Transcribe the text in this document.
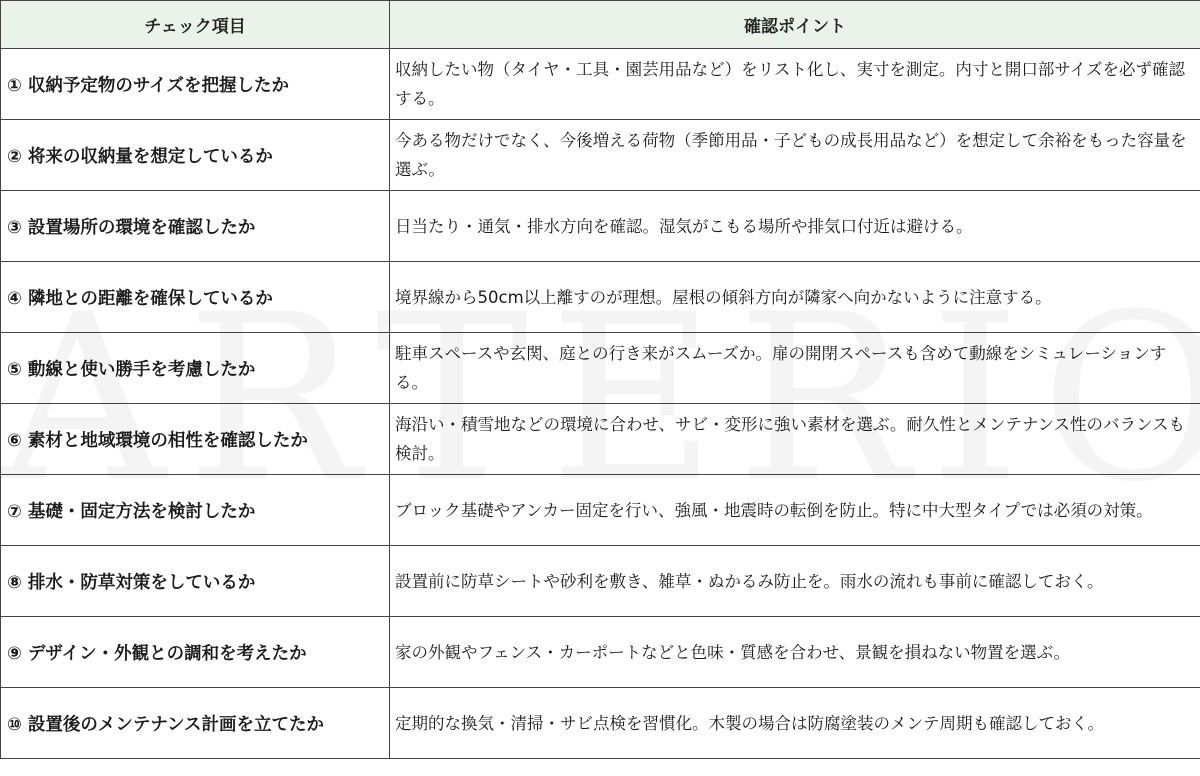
チェック項目	確認ポイント
① 収納予定物のサイズを把握したか	収納したい物（タイヤ・工具・園芸用品など）をリスト化し、実寸を測定。内寸と開口部サイズを必ず確認する。
② 将来の収納量を想定しているか	今ある物だけでなく、今後増える荷物（季節用品・子どもの成長用品など）を想定して余裕をもった容量を選ぶ。
③ 設置場所の環境を確認したか	日当たり・通気・排水方向を確認。湿気がこもる場所や排気口付近は避ける。
④ 隣地との距離を確保しているか	境界線から50cm以上離すのが理想。屋根の傾斜方向が隣家へ向かないように注意する。
⑤ 動線と使い勝手を考慮したか	駐車スペースや玄関、庭との行き来がスムーズか。扉の開閉スペースも含めて動線をシミュレーションする。
⑥ 素材と地域環境の相性を確認したか	海沿い・積雪地などの環境に合わせ、サビ・変形に強い素材を選ぶ。耐久性とメンテナンス性のバランスも検討。
⑦ 基礎・固定方法を検討したか	ブロック基礎やアンカー固定を行い、強風・地震時の転倒を防止。特に中大型タイプでは必須の対策。
⑧ 排水・防草対策をしているか	設置前に防草シートや砂利を敷き、雑草・ぬかるみ防止を。雨水の流れも事前に確認しておく。
⑨ デザイン・外観との調和を考えたか	家の外観やフェンス・カーポートなどと色味・質感を合わせ、景観を損ねない物置を選ぶ。
⑩ 設置後のメンテナンス計画を立てたか	定期的な換気・清掃・サビ点検を習慣化。木製の場合は防腐塗装のメンテ周期も確認しておく。
